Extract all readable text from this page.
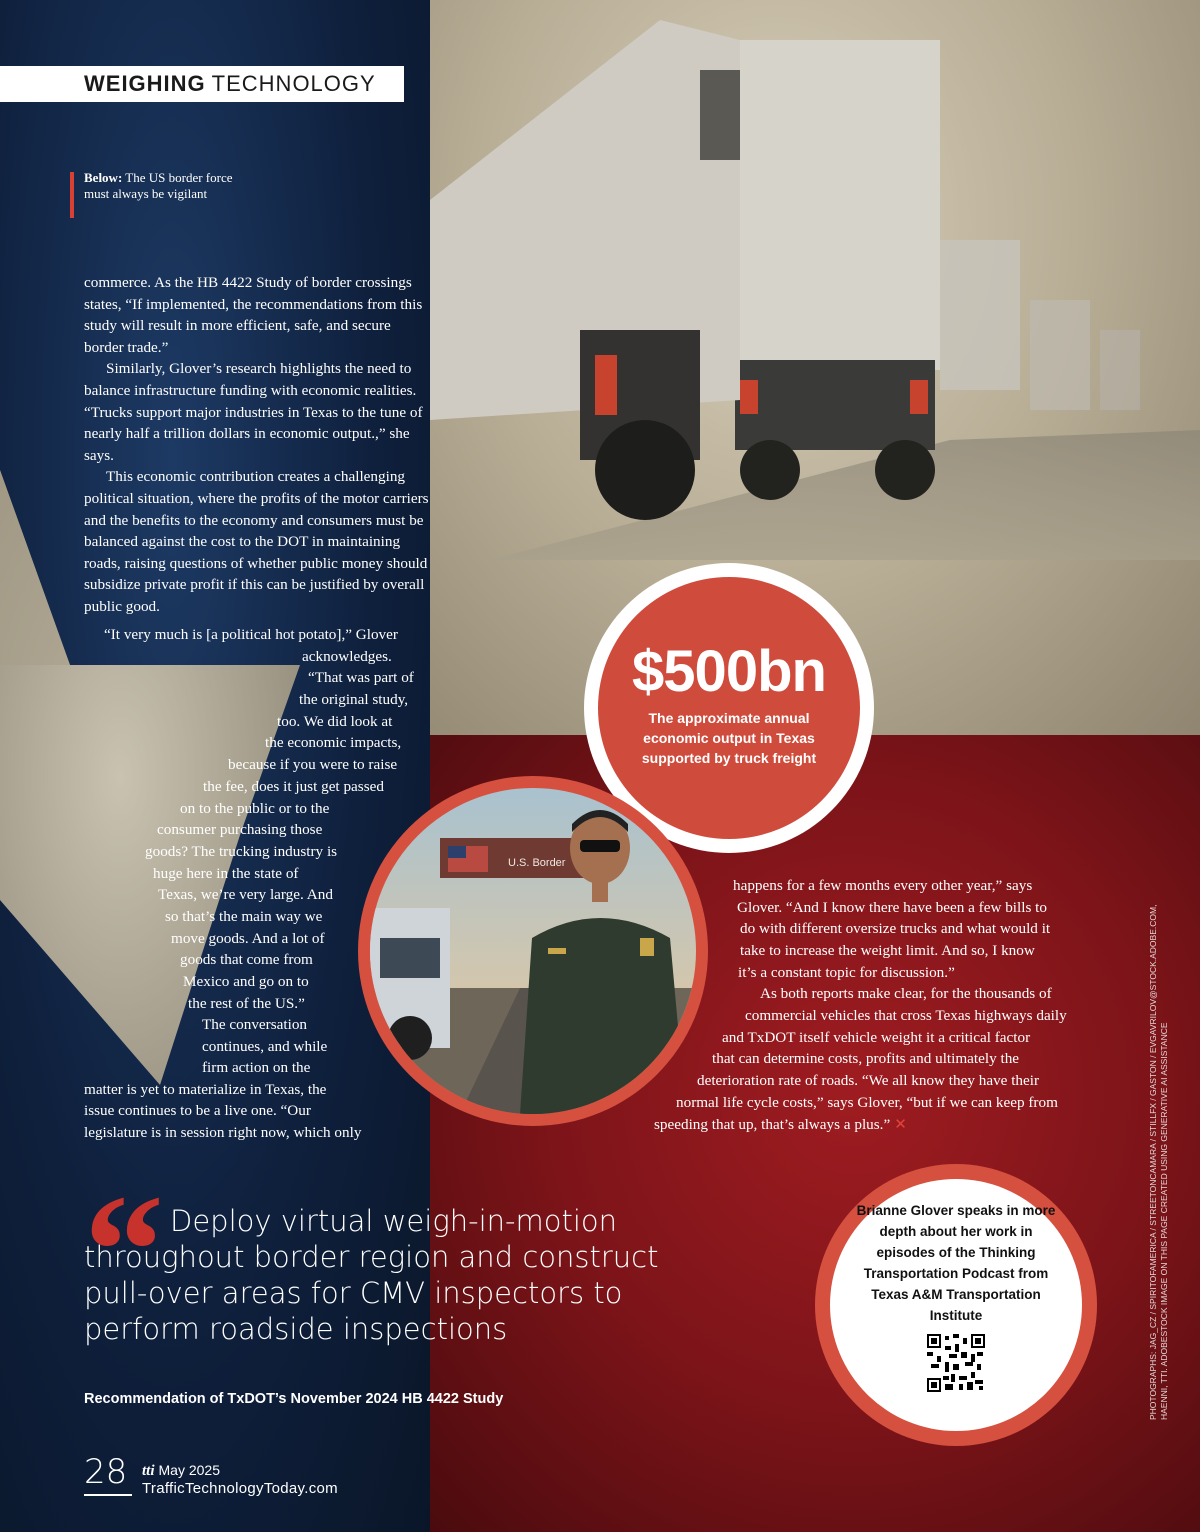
WEIGHING TECHNOLOGY
Below: The US border force must always be vigilant

commerce. As the HB 4422 Study of border crossings states, “If implemented, the recommendations from this study will result in more efficient, safe, and secure border trade.”

Similarly, Glover’s research highlights the need to balance infrastructure funding with economic realities. “Trucks support major industries in Texas to the tune of nearly half a trillion dollars in economic output.,” she says.

This economic contribution creates a challenging political situation, where the profits of the motor carriers and the benefits to the economy and consumers must be balanced against the cost to the DOT in maintaining roads, raising questions of whether public money should subsidize private profit if this can be justified by overall public good.

“It very much is [a political hot potato],” Glover
acknowledges.
“That was part of
the original study,
too. We did look at
the economic impacts,
because if you were to raise
the fee, does it just get passed
on to the public or to the
consumer purchasing those
goods? The trucking industry is
huge here in the state of
Texas, we’re very large. And
so that’s the main way we
move goods. And a lot of
goods that come from
Mexico and go on to
the rest of the US.”
The conversation
continues, and while
firm action on the
matter is yet to materialize in Texas, the
issue continues to be a live one. “Our
legislature is in session right now, which only
happens for a few months every other year,” says
Glover. “And I know there have been a few bills to
do with different oversize trucks and what would it
take to increase the weight limit. And so, I know
it’s a constant topic for discussion.”
As both reports make clear, for the thousands of
commercial vehicles that cross Texas highways daily
and TxDOT itself vehicle weight it a critical factor
that can determine costs, profits and ultimately the
deterioration rate of roads. “We all know they have their
normal life cycle costs,” says Glover, “but if we can keep from
speeding that up, that’s always a plus.” ✕
$500bn
The approximate annual economic output in Texas supported by truck freight
U.S. Border
“ Deploy virtual weigh-in-motion throughout border region and construct pull-over areas for CMV inspectors to perform roadside inspections
Recommendation of TxDOT’s November 2024 HB 4422 Study
Brianne Glover speaks in more depth about her work in episodes of the Thinking Transportation Podcast from Texas A&M Transportation Institute	PHOTOGRAPHS: JAG_CZ / SPIRITOFAMERICA / STREETONCAMARA / STILLFX / GASTON / EVGAVRILOV@STOCK.ADOBE.COM, HAENNI, TTI. ADOBESTOCK IMAGE ON THIS PAGE CREATED USING GENERATIVE AI ASSISTANCE
28 tti May 2025
TrafficTechnologyToday.com
